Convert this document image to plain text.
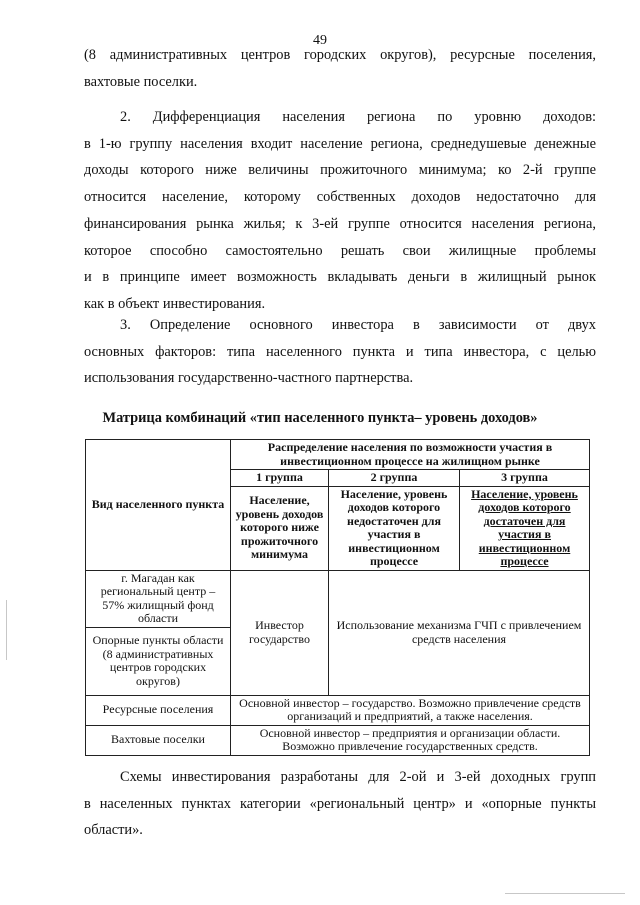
49
(8 административных центров городских округов), ресурсные поселения,
вахтовые поселки.
2. Дифференциация населения региона по уровню доходов:
в 1-ю группу населения входит население региона, среднедушевые денежные
доходы которого ниже величины прожиточного минимума; ко 2-й группе
относится население, которому собственных доходов недостаточно для
финансирования рынка жилья; к 3-ей группе относится населения региона,
которое способно самостоятельно решать свои жилищные проблемы
и в принципе имеет возможность вкладывать деньги в жилищный рынок
как в объект инвестирования.
3. Определение основного инвестора в зависимости от двух
основных факторов: типа населенного пункта и типа инвестора, с целью
использования государственно-частного партнерства.
Матрица комбинаций «тип населенного пункта– уровень доходов»
Вид населенного пункта	Распределение населения по возможности участия в инвестиционном процессе на жилищном рынке		
	1 группа	2 группа	3 группа
	Население, уровень доходов которого ниже прожиточного минимума	Население, уровень доходов которого недостаточен для участия в инвестиционном процессе	Население, уровень доходов которого достаточен для участия в инвестиционном процессе
г. Магадан как региональный центр – 57% жилищный фонд области	Инвестор государство	Использование механизма ГЧП с привлечением средств населения	
Опорные пункты области (8 административных центров городских округов)			
Ресурсные поселения	Основной инвестор – государство. Возможно привлечение средств организаций и предприятий, а также населения.		
Вахтовые поселки	Основной инвестор – предприятия и организации области. Возможно привлечение государственных средств.		
Схемы инвестирования разработаны для 2-ой и 3-ей доходных групп
в населенных пунктах категории «региональный центр» и «опорные пункты
области».
